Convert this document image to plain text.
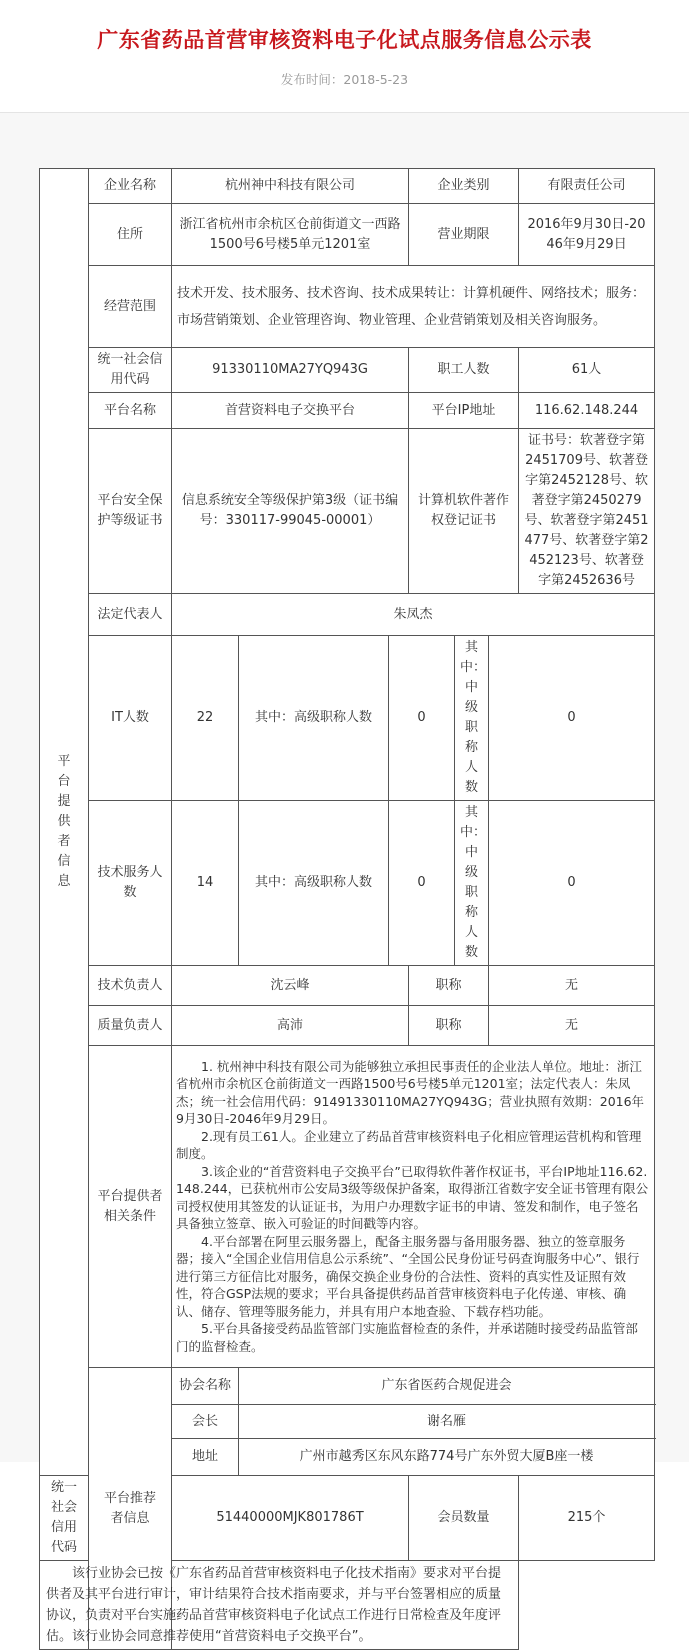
广东省药品首营审核资料电子化试点服务信息公示表
发布时间：2018-5-23
平台提供者信息	企业名称	杭州神中科技有限公司			企业类别			有限责任公司
	住所	浙江省杭州市余杭区仓前街道文一西路1500号6号楼5单元1201室			营业期限			2016年9月30日-2046年9月29日
	经营范围	技术开发、技术服务、技术咨询、技术成果转让：计算机硬件、网络技术；服务：市场营销策划、企业管理咨询、物业管理、企业营销策划及相关咨询服务。						
	统一社会信用代码	91330110MA27YQ943G			职工人数			61人
	平台名称	首营资料电子交换平台			平台IP地址			116.62.148.244
	平台安全保护等级证书	信息系统安全等级保护第3级（证书编号：330117-99045-00001）			计算机软件著作权登记证书			证书号：软著登字第2451709号、软著登字第2452128号、软著登字第2450279号、软著登字第2451477号、软著登字第2452123号、软著登字第2452636号
	法定代表人	朱凤杰						
	IT人数	22	其中：高级职称人数	0		其中：中级职称人数	0	
	技术服务人数	14	其中：高级职称人数	0		其中：中级职称人数	0	
	技术负责人	沈云峰			职称		无	
	质量负责人	高沛			职称		无	
	平台提供者相关条件	1. 杭州神中科技有限公司为能够独立承担民事责任的企业法人单位。地址：浙江省杭州市余杭区仓前街道文一西路1500号6号楼5单元1201室；法定代表人：朱凤杰；统一社会信用代码：91491330110MA27YQ943G；营业执照有效期：2016年9月30日-2046年9月29日。

2.现有员工61人。企业建立了药品首营审核资料电子化相应管理运营机构和管理制度。

3.该企业的“首营资料电子交换平台”已取得软件著作权证书，平台IP地址116.62.148.244，已获杭州市公安局3级等级保护备案，取得浙江省数字安全证书管理有限公司授权使用其签发的认证证书，为用户办理数字证书的申请、签发和制作，电子签名具备独立签章、嵌入可验证的时间戳等内容。

4.平台部署在阿里云服务器上，配备主服务器与备用服务器、独立的签章服务器；接入“全国企业信用信息公示系统”、“全国公民身份证号码查询服务中心”、银行进行第三方征信比对服务，确保交换企业身份的合法性、资料的真实性及证照有效性，符合GSP法规的要求；平台具备提供药品首营审核资料电子化传递、审核、确认、储存、管理等服务能力，并具有用户本地查验、下载存档功能。

5.平台具备接受药品监管部门实施监督检查的条件，并承诺随时接受药品监管部门的监督检查。						

	平台推荐者信息	协会名称	广东省医药合规促进会					
		会长	谢名雁					
		地址	广州市越秀区东风东路774号广东外贸大厦B座一楼					
统一社会信用代码		51440000MJK801786T			会员数量			215个

该行业协会已按《广东省药品首营审核资料电子化技术指南》要求对平台提供者及其平台进行审计，审计结果符合技术指南要求，并与平台签署相应的质量协议，负责对平台实施药品首营审核资料电子化试点工作进行日常检查及年度评估。该行业协会同意推荐使用“首营资料电子交换平台”。								
